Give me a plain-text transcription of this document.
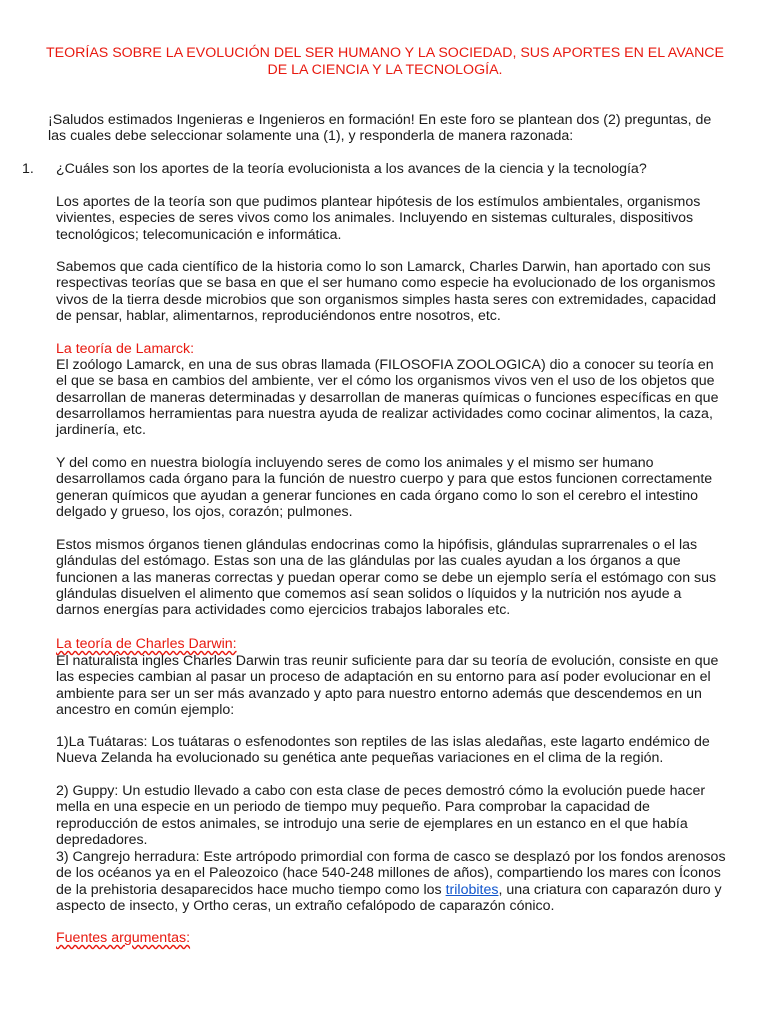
TEORÍAS SOBRE LA EVOLUCIÓN DEL SER HUMANO Y LA SOCIEDAD, SUS APORTES EN EL AVANCE DE LA CIENCIA Y LA TECNOLOGÍA.
¡Saludos estimados Ingenieras e Ingenieros en formación! En este foro se plantean dos (2) preguntas, de las cuales debe seleccionar solamente una (1), y responderla de manera razonada:
1. ¿Cuáles son los aportes de la teoría evolucionista a los avances de la ciencia y la tecnología?
Los aportes de la teoría son que pudimos plantear hipótesis de los estímulos ambientales, organismos vivientes, especies de seres vivos como los animales. Incluyendo en sistemas culturales, dispositivos tecnológicos; telecomunicación e informática.
Sabemos que cada científico de la historia como lo son Lamarck, Charles Darwin, han aportado con sus respectivas teorías que se basa en que el ser humano como especie ha evolucionado de los organismos vivos de la tierra desde microbios que son organismos simples hasta seres con extremidades, capacidad de pensar, hablar, alimentarnos, reproduciéndonos entre nosotros, etc.
La teoría de Lamarck:
El zoólogo Lamarck, en una de sus obras llamada (FILOSOFIA ZOOLOGICA) dio a conocer su teoría en el que se basa en cambios del ambiente, ver el cómo los organismos vivos ven el uso de los objetos que desarrollan de maneras determinadas y desarrollan de maneras químicas o funciones específicas en que desarrollamos herramientas para nuestra ayuda de realizar actividades como cocinar alimentos, la caza, jardinería, etc.
Y del como en nuestra biología incluyendo seres de como los animales y el mismo ser humano desarrollamos cada órgano para la función de nuestro cuerpo y para que estos funcionen correctamente generan químicos que ayudan a generar funciones en cada órgano como lo son el cerebro el intestino delgado y grueso, los ojos, corazón; pulmones.
Estos mismos órganos tienen glándulas endocrinas como la hipófisis, glándulas suprarrenales o el las glándulas del estómago. Estas son una de las glándulas por las cuales ayudan a los órganos a que funcionen a las maneras correctas y puedan operar como se debe un ejemplo sería el estómago con sus glándulas disuelven el alimento que comemos así sean solidos o líquidos y la nutrición nos ayude a darnos energías para actividades como ejercicios trabajos laborales etc.
La teoría de Charles Darwin:
El naturalista ingles Charles Darwin tras reunir suficiente para dar su teoría de evolución, consiste en que las especies cambian al pasar un proceso de adaptación en su entorno para así poder evolucionar en el ambiente para ser un ser más avanzado y apto para nuestro entorno además que descendemos en un ancestro en común ejemplo:
1)La Tuátaras: Los tuátaras o esfenodontes son reptiles de las islas aledañas, este lagarto endémico de Nueva Zelanda ha evolucionado su genética ante pequeñas variaciones en el clima de la región.
2) Guppy: Un estudio llevado a cabo con esta clase de peces demostró cómo la evolución puede hacer mella en una especie en un periodo de tiempo muy pequeño. Para comprobar la capacidad de reproducción de estos animales, se introdujo una serie de ejemplares en un estanco en el que había depredadores.
3) Cangrejo herradura: Este artrópodo primordial con forma de casco se desplazó por los fondos arenosos de los océanos ya en el Paleozoico (hace 540-248 millones de años), compartiendo los mares con Íconos de la prehistoria desaparecidos hace mucho tiempo como los trilobites, una criatura con caparazón duro y aspecto de insecto, y Ortho ceras, un extraño cefalópodo de caparazón cónico.
Fuentes argumentas:
